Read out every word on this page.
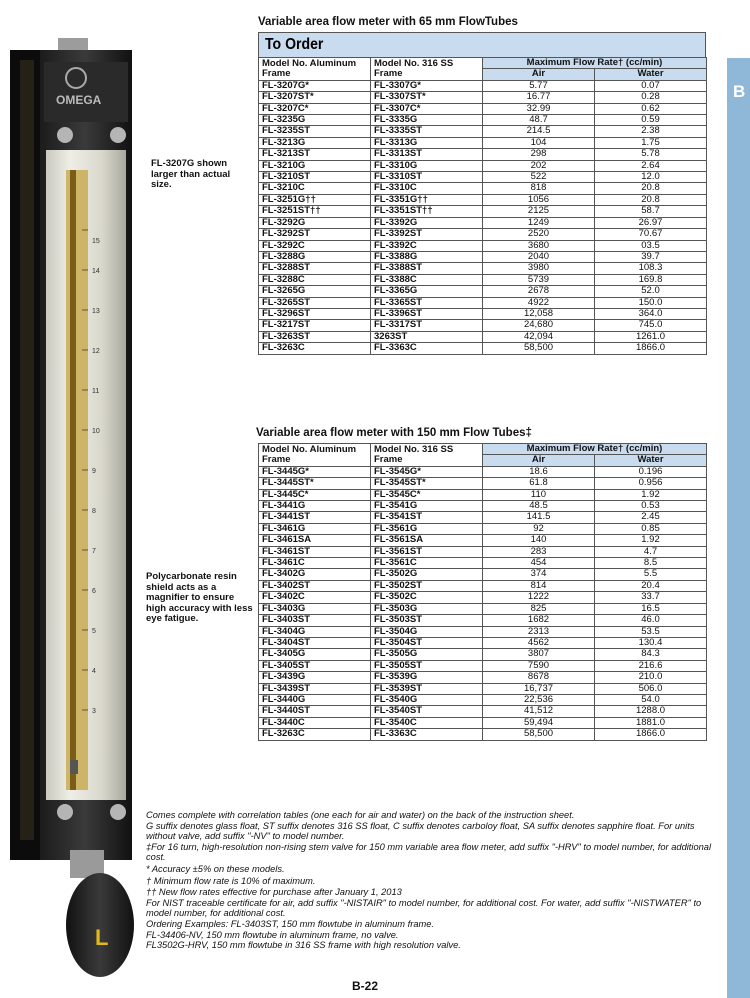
B
OMEGA
15
14
13
12
11
10
9
8
7
6
5
4
3
L
FL-3207G shown larger than actual size.
Polycarbonate resin shield acts as a magnifier to ensure high accuracy with less eye fatigue.
Variable area flow meter with 65 mm FlowTubes
To Order
Model No. Aluminum Frame	Model No. 316 SS Frame	Maximum Flow Rate† (cc/min)	
		Air	Water
FL-3207G*	FL-3307G*	5.77	0.07
FL-3207ST*	FL-3307ST*	16.77	0.28
FL-3207C*	FL-3307C*	32.99	0.62
FL-3235G	FL-3335G	48.7	0.59
FL-3235ST	FL-3335ST	214.5	2.38
FL-3213G	FL-3313G	104	1.75
FL-3213ST	FL-3313ST	298	5.78
FL-3210G	FL-3310G	202	2.64
FL-3210ST	FL-3310ST	522	12.0
FL-3210C	FL-3310C	818	20.8
FL-3251G††	FL-3351G††	1056	20.8
FL-3251ST††	FL-3351ST††	2125	58.7
FL-3292G	FL-3392G	1249	26.97
FL-3292ST	FL-3392ST	2520	70.67
FL-3292C	FL-3392C	3680	03.5
FL-3288G	FL-3388G	2040	39.7
FL-3288ST	FL-3388ST	3980	108.3
FL-3288C	FL-3388C	5739	169.8
FL-3265G	FL-3365G	2678	52.0
FL-3265ST	FL-3365ST	4922	150.0
FL-3296ST	FL-3396ST	12,058	364.0
FL-3217ST	FL-3317ST	24,680	745.0
FL-3263ST	3263ST	42,094	1261.0
FL-3263C	FL-3363C	58,500	1866.0
Variable area flow meter with 150 mm Flow Tubes‡
Model No. Aluminum Frame	Model No. 316 SS Frame	Maximum Flow Rate† (cc/min)	
		Air	Water
FL-3445G*	FL-3545G*	18.6	0.196
FL-3445ST*	FL-3545ST*	61.8	0.956
FL-3445C*	FL-3545C*	110	1.92
FL-3441G	FL-3541G	48.5	0.53
FL-3441ST	FL-3541ST	141.5	2.45
FL-3461G	FL-3561G	92	0.85
FL-3461SA	FL-3561SA	140	1.92
FL-3461ST	FL-3561ST	283	4.7
FL-3461C	FL-3561C	454	8.5
FL-3402G	FL-3502G	374	5.5
FL-3402ST	FL-3502ST	814	20.4
FL-3402C	FL-3502C	1222	33.7
FL-3403G	FL-3503G	825	16.5
FL-3403ST	FL-3503ST	1682	46.0
FL-3404G	FL-3504G	2313	53.5
FL-3404ST	FL-3504ST	4562	130.4
FL-3405G	FL-3505G	3807	84.3
FL-3405ST	FL-3505ST	7590	216.6
FL-3439G	FL-3539G	8678	210.0
FL-3439ST	FL-3539ST	16,737	506.0
FL-3440G	FL-3540G	22,536	54.0
FL-3440ST	FL-3540ST	41,512	1288.0
FL-3440C	FL-3540C	59,494	1881.0
FL-3263C	FL-3363C	58,500	1866.0

Comes complete with correlation tables (one each for air and water) on the back of the instruction sheet.

G suffix denotes glass float, ST suffix denotes 316 SS float, C suffix denotes carboloy float, SA suffix denotes sapphire float. For units without valve, add suffix "-NV" to model number.

‡For 16 turn, high-resolution non-rising stem valve for 150 mm variable area flow meter, add suffix "-HRV" to model number, for additional cost.

* Accuracy ±5% on these models.

† Minimum flow rate is 10% of maximum.

†† New flow rates effective for purchase after January 1, 2013

For NIST traceable certificate for air, add suffix "-NISTAIR" to model number, for additional cost. For water, add suffix "-NISTWATER" to model number, for additional cost.

Ordering Examples: FL-3403ST, 150 mm flowtube in aluminum frame.

FL-34406-NV, 150 mm flowtube in aluminum frame, no valve.

FL3502G-HRV, 150 mm flowtube in 316 SS frame with high resolution valve.

B-22
